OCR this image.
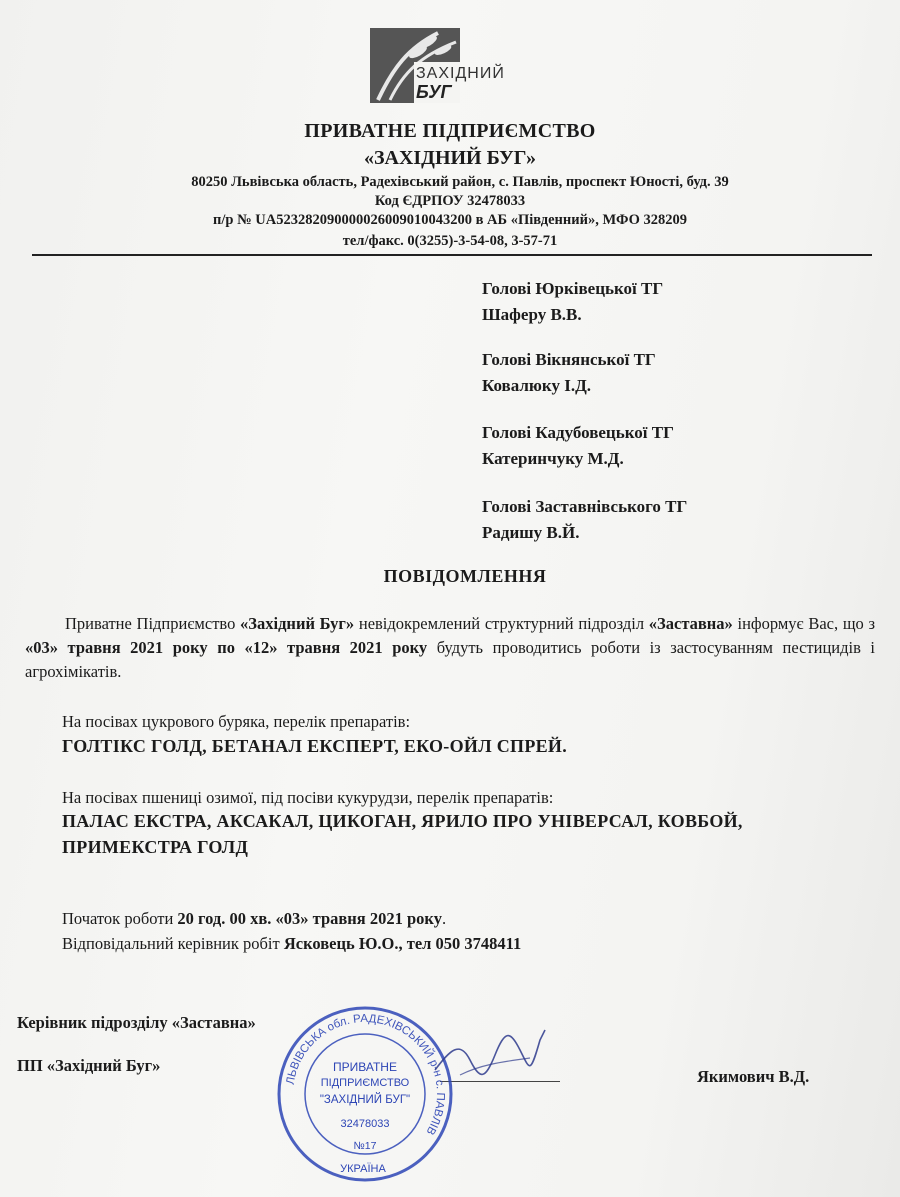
ЗАХІДНИЙ
БУГ
ПРИВАТНЕ ПІДПРИЄМСТВО
«ЗАХІДНИЙ БУГ»
80250 Львівська область, Радехівський район, с. Павлів, проспект Юності, буд. 39
Код ЄДРПОУ 32478033
п/р № UA523282090000026009010043200 в АБ «Південний», МФО 328209
тел/факс. 0(3255)-3-54-08, 3-57-71
Голові Юрківецької ТГ
Шаферу В.В.
Голові Вікнянської ТГ
Ковалюку І.Д.
Голові Кадубовецької ТГ
Катеринчуку М.Д.
Голові Заставнівського ТГ
Радишу В.Й.
ПОВІДОМЛЕННЯ
Приватне Підприємство «Західний Буг» невідокремлений структурний підрозділ «Заставна» інформує Вас, що з «03» травня 2021 року по «12» травня 2021 року будуть проводитись роботи із застосуванням пестицидів і агрохімікатів.
На посівах цукрового буряка, перелік препаратів:
ГОЛТІКС ГОЛД, БЕТАНАЛ ЕКСПЕРТ, ЕКО-ОЙЛ СПРЕЙ.
На посівах пшениці озимої, під посіви кукурудзи, перелік препаратів:
ПАЛАС ЕКСТРА, АКСАКАЛ, ЦИКОГАН, ЯРИЛО ПРО УНІВЕРСАЛ, КОВБОЙ,
ПРИМЕКСТРА ГОЛД
Початок роботи 20 год. 00 хв. «03» травня 2021 року.
Відповідальний керівник робіт Ясковець Ю.О., тел 050 3748411
Керівник підрозділу «Заставна»
ПП «Західний Буг»
Якимович В.Д.
ЛЬВІВСЬКА обл. РАДЕХІВСЬКИЙ р-н с. ПАВЛІВ
ПРИВАТНЕ
ПІДПРИЄМСТВО
"ЗАХІДНИЙ БУГ"
32478033
№17
УКРАЇНА
